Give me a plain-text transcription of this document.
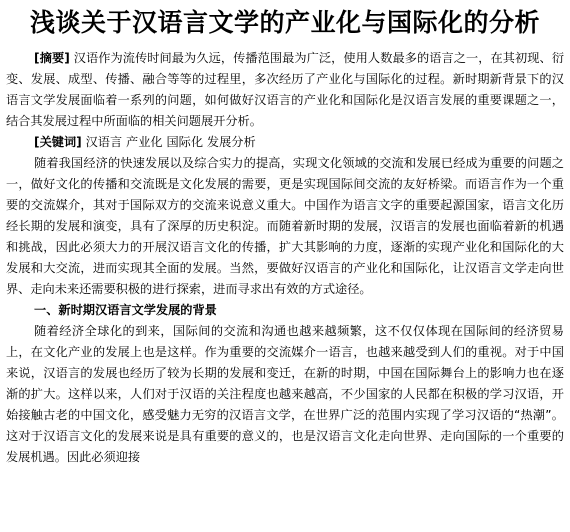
浅谈关于汉语言文学的产业化与国际化的分析

[摘要] 汉语作为流传时间最为久远，传播范围最为广泛，使用人数最多的语言之一，在其初现、衍变、发展、成型、传播、融合等等的过程里，多次经历了产业化与国际化的过程。新时期新背景下的汉语言文学发展面临着一系列的问题，如何做好汉语言的产业化和国际化是汉语言发展的重要课题之一，结合其发展过程中所面临的相关问题展开分析。

[关键词] 汉语言 产业化 国际化 发展分析

随着我国经济的快速发展以及综合实力的提高，实现文化领域的交流和发展已经成为重要的问题之一，做好文化的传播和交流既是文化发展的需要，更是实现国际间交流的友好桥梁。而语言作为一个重要的交流媒介，其对于国际双方的交流来说意义重大。中国作为语言文字的重要起源国家，语言文化历经长期的发展和演变，具有了深厚的历史积淀。而随着新时期的发展，汉语言的发展也面临着新的机遇和挑战，因此必须大力的开展汉语言文化的传播，扩大其影响的力度，逐渐的实现产业化和国际化的大发展和大交流，进而实现其全面的发展。当然，要做好汉语言的产业化和国际化，让汉语言文学走向世界、走向未来还需要积极的进行探索，进而寻求出有效的方式途径。

一、新时期汉语言文学发展的背景

随着经济全球化的到来，国际间的交流和沟通也越来越频繁，这不仅仅体现在国际间的经济贸易上，在文化产业的发展上也是这样。作为重要的交流媒介一语言，也越来越受到人们的重视。对于中国来说，汉语言的发展也经历了较为长期的发展和变迁，在新的时期，中国在国际舞台上的影响力也在逐渐的扩大。这样以来，人们对于汉语的关注程度也越来越高，不少国家的人民都在积极的学习汉语，开始接触古老的中国文化，感受魅力无穷的汉语言文学，在世界广泛的范围内实现了学习汉语的“热潮”。这对于汉语言文化的发展来说是具有重要的意义的，也是汉语言文化走向世界、走向国际的一个重要的发展机遇。因此必须迎接
